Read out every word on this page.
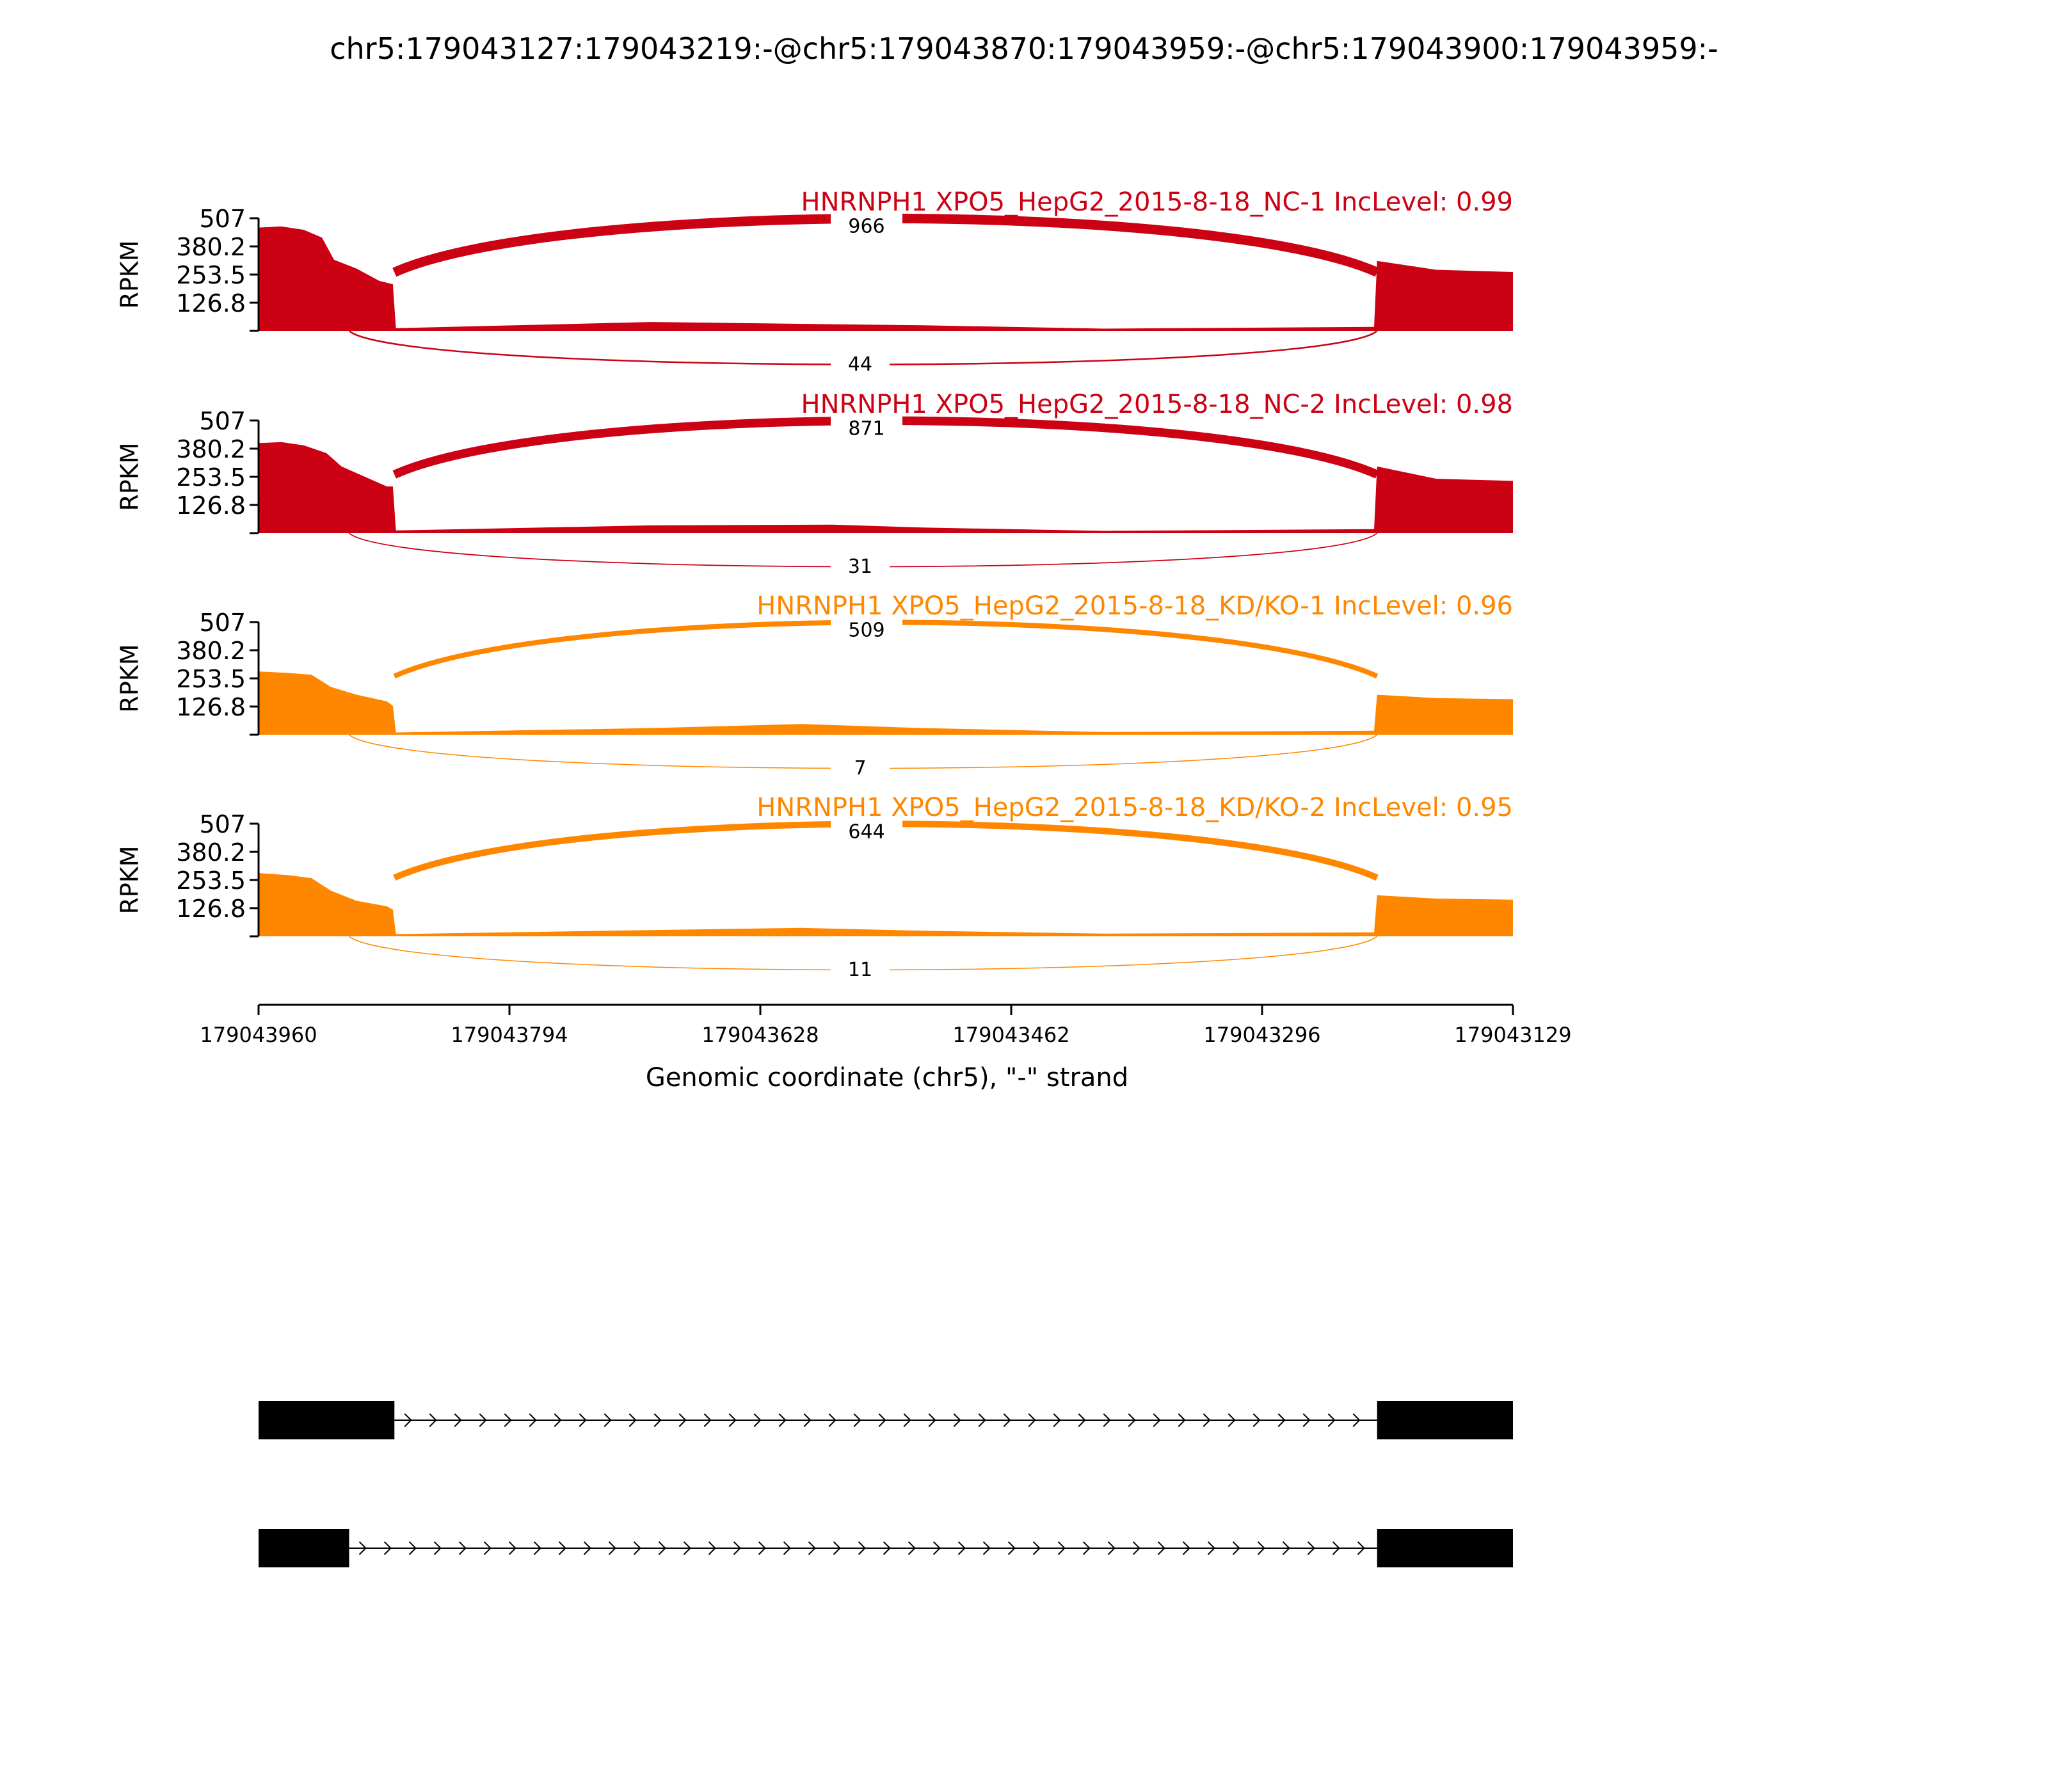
chr5:179043127:179043219:-@chr5:179043870:179043959:-@chr5:179043900:179043959:-
966
44
HNRNPH1 XPO5_HepG2_2015-8-18_NC-1 IncLevel: 0.99
507
380.2
253.5
126.8
RPKM
871
31
HNRNPH1 XPO5_HepG2_2015-8-18_NC-2 IncLevel: 0.98
507
380.2
253.5
126.8
RPKM
509
7
HNRNPH1 XPO5_HepG2_2015-8-18_KD/KO-1 IncLevel: 0.96
507
380.2
253.5
126.8
RPKM
644
11
HNRNPH1 XPO5_HepG2_2015-8-18_KD/KO-2 IncLevel: 0.95
507
380.2
253.5
126.8
RPKM
179043960	179043794	179043628	179043462	179043296	179043129
Genomic coordinate (chr5), "-" strand
